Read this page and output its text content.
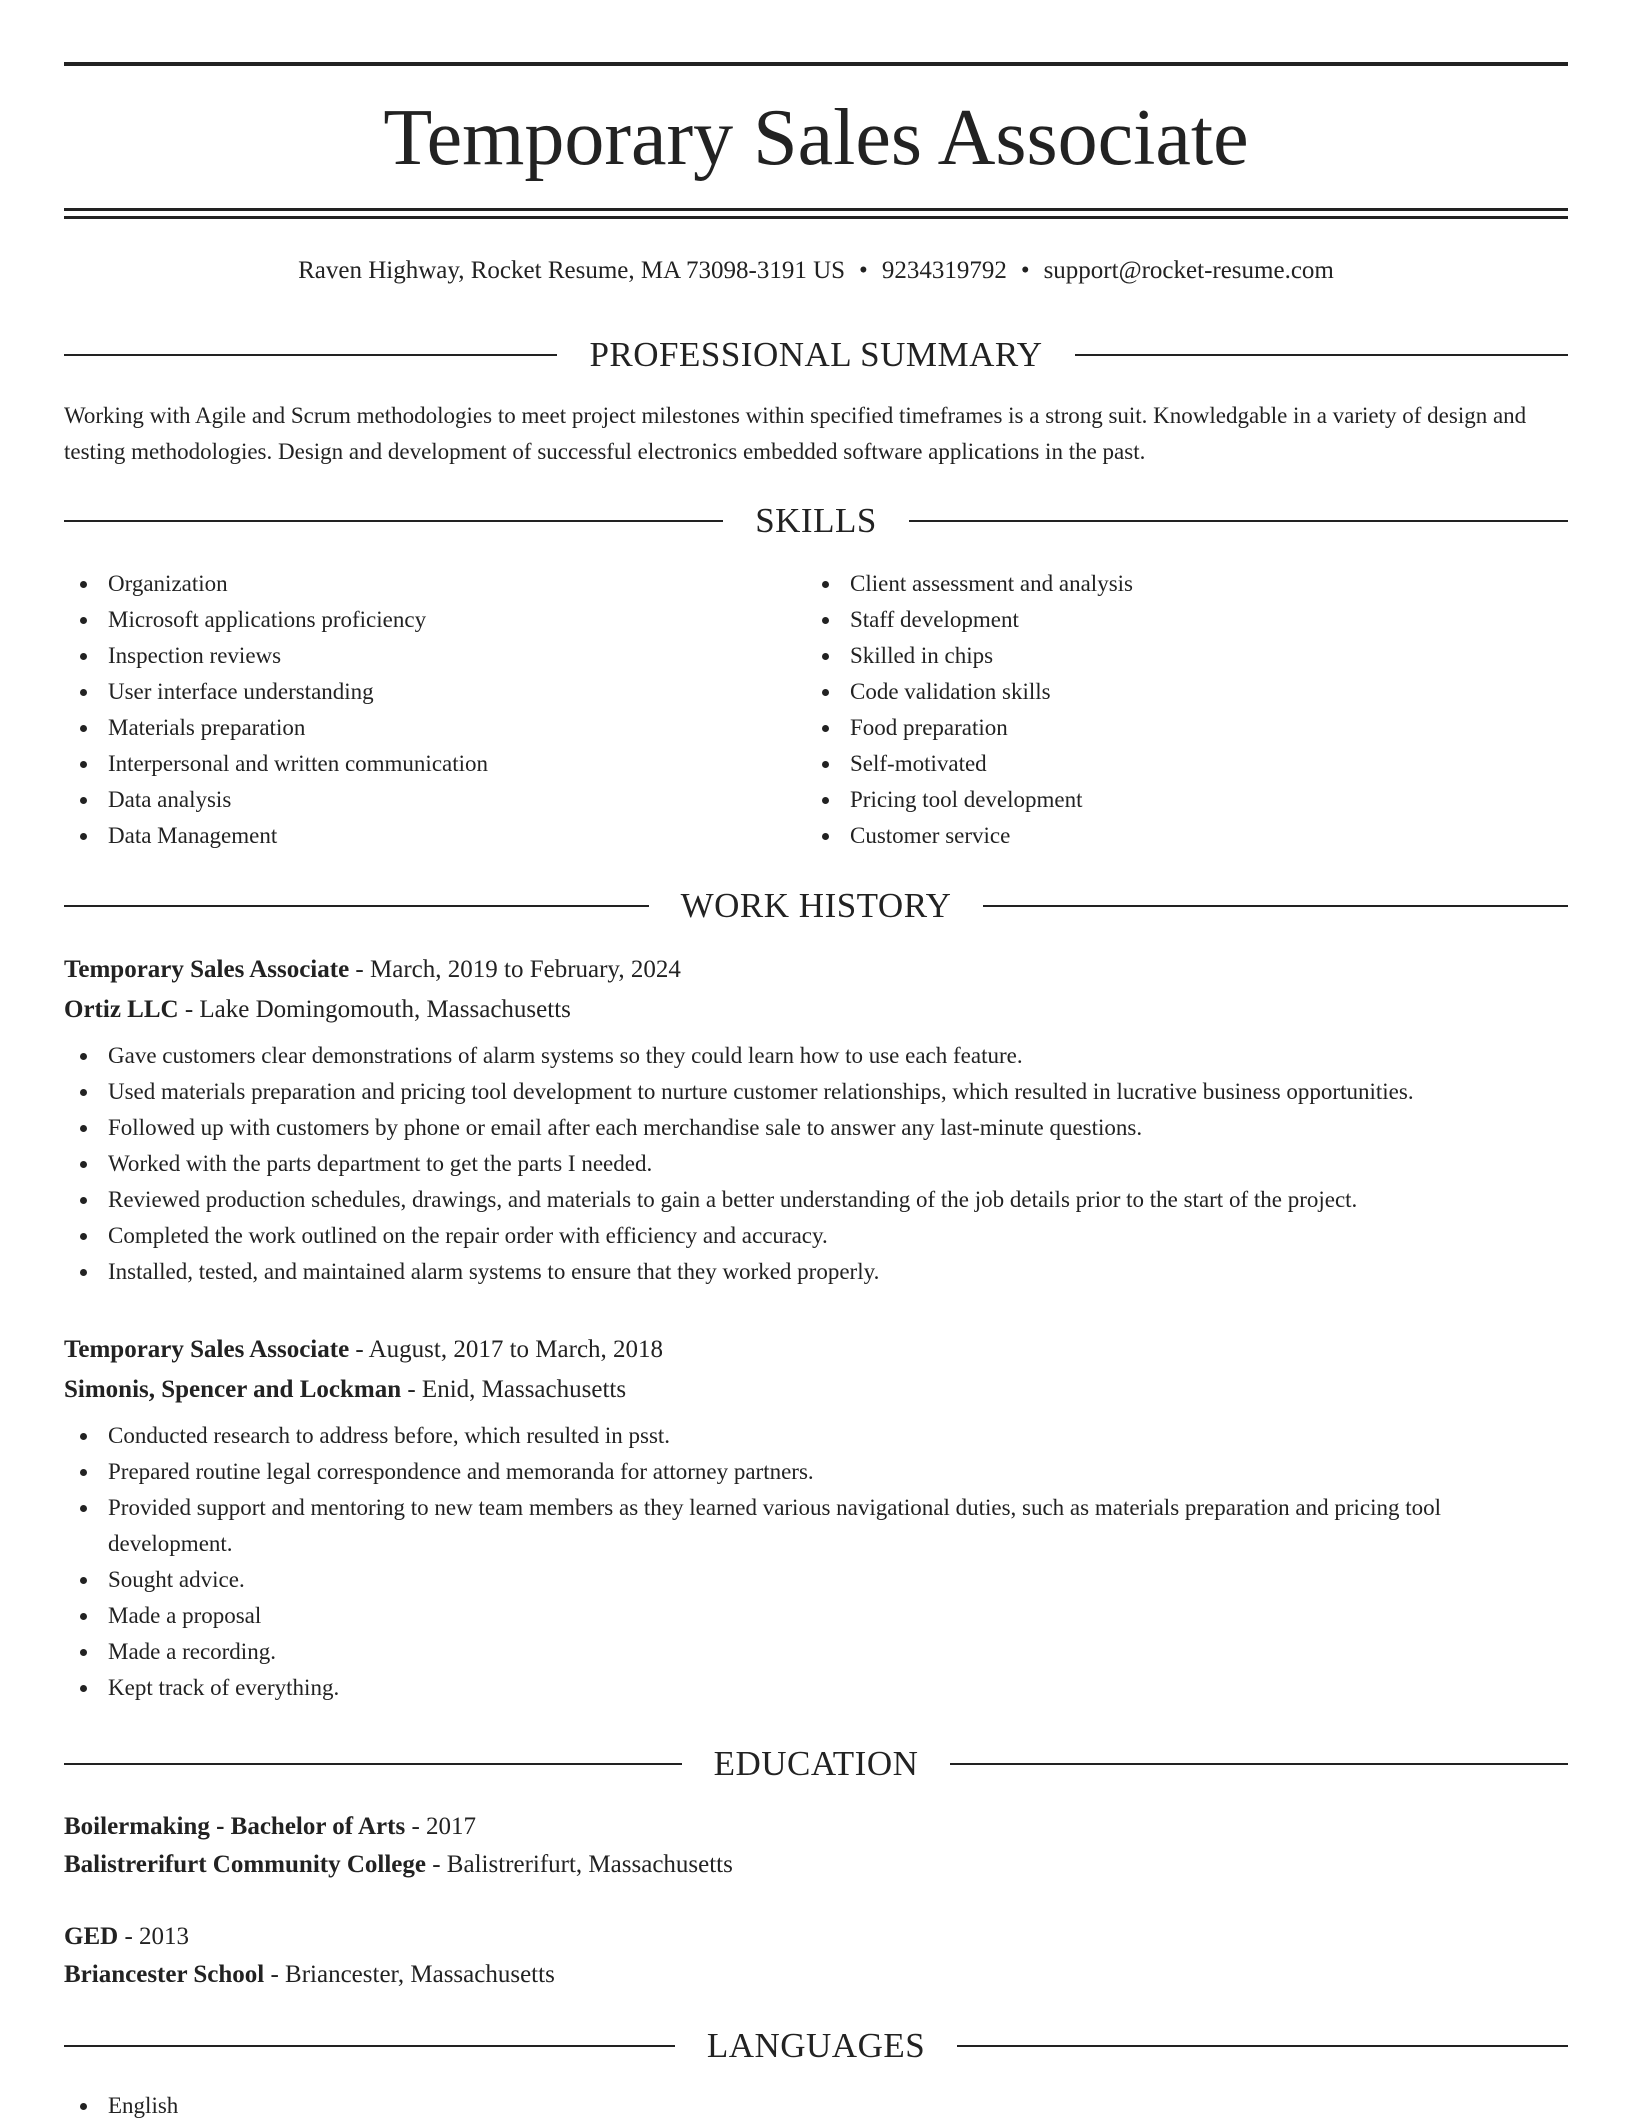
Temporary Sales Associate
Raven Highway, Rocket Resume, MA 73098-3191 US • 9234319792 • support@rocket-resume.com
PROFESSIONAL SUMMARY
Working with Agile and Scrum methodologies to meet project milestones within specified timeframes is a strong suit. Knowledgable in a variety of design and testing methodologies. Design and development of successful electronics embedded software applications in the past.
SKILLS
Organization
Microsoft applications proficiency
Inspection reviews
User interface understanding
Materials preparation
Interpersonal and written communication
Data analysis
Data Management
Client assessment and analysis
Staff development
Skilled in chips
Code validation skills
Food preparation
Self-motivated
Pricing tool development
Customer service
WORK HISTORY
Temporary Sales Associate - March, 2019 to February, 2024
Ortiz LLC - Lake Domingomouth, Massachusetts
Gave customers clear demonstrations of alarm systems so they could learn how to use each feature.
Used materials preparation and pricing tool development to nurture customer relationships, which resulted in lucrative business opportunities.
Followed up with customers by phone or email after each merchandise sale to answer any last-minute questions.
Worked with the parts department to get the parts I needed.
Reviewed production schedules, drawings, and materials to gain a better understanding of the job details prior to the start of the project.
Completed the work outlined on the repair order with efficiency and accuracy.
Installed, tested, and maintained alarm systems to ensure that they worked properly.
Temporary Sales Associate - August, 2017 to March, 2018
Simonis, Spencer and Lockman - Enid, Massachusetts
Conducted research to address before, which resulted in psst.
Prepared routine legal correspondence and memoranda for attorney partners.
Provided support and mentoring to new team members as they learned various navigational duties, such as materials preparation and pricing tool development.
Sought advice.
Made a proposal
Made a recording.
Kept track of everything.
EDUCATION
Boilermaking - Bachelor of Arts - 2017
Balistrerifurt Community College - Balistrerifurt, Massachusetts
GED - 2013
Briancester School - Briancester, Massachusetts
LANGUAGES
English
